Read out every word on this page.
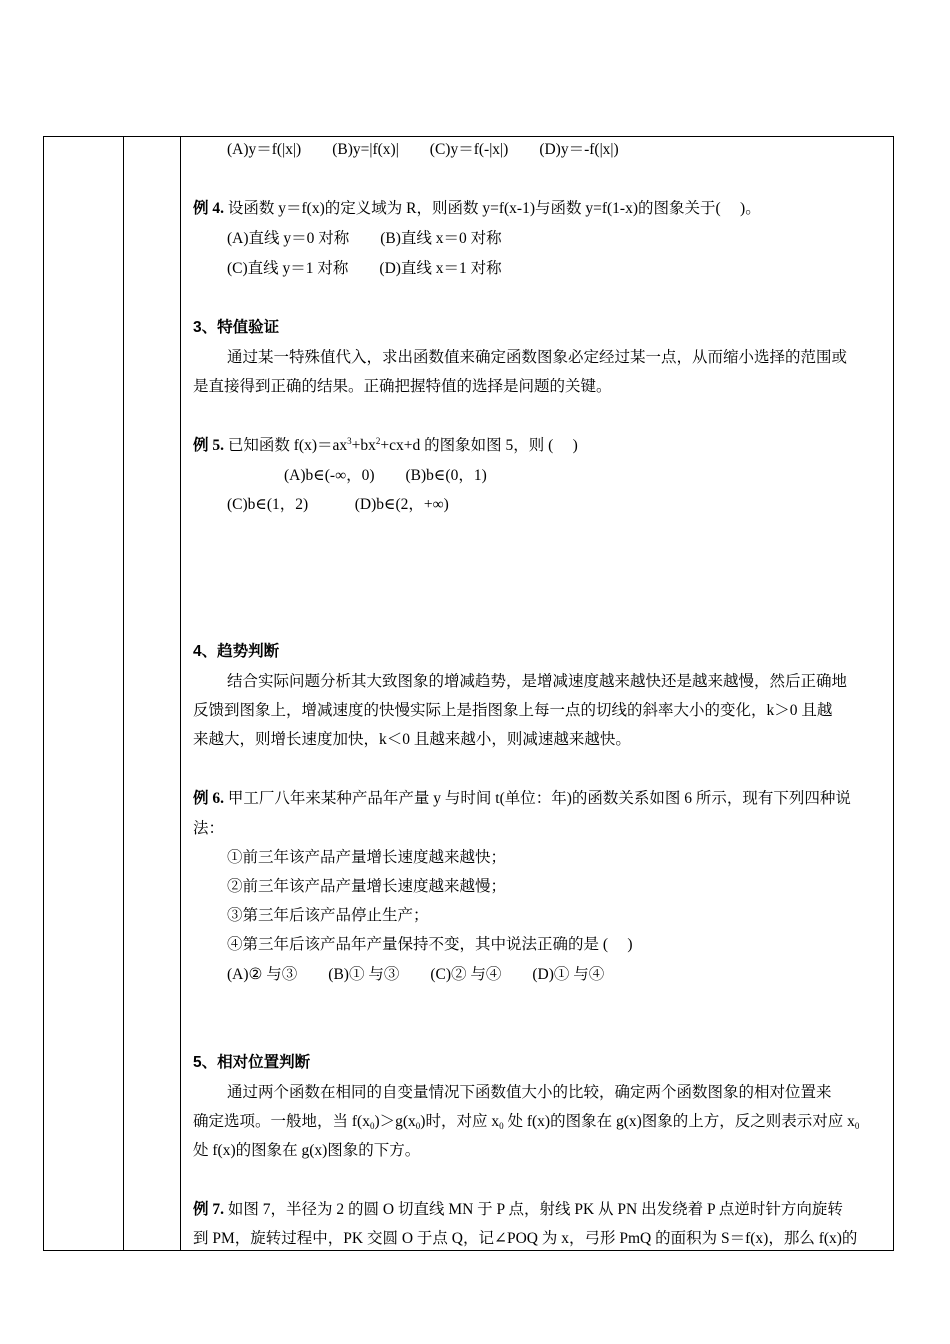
(A)y＝f(|x|)　　(B)y=|f(x)|　　(C)y＝f(-|x|)　　(D)y＝-f(|x|)
例 4. 设函数 y＝f(x)的定义域为 R，则函数 y=f(x-1)与函数 y=f(1-x)的图象关于(　 )。
(A)直线 y＝0 对称　　(B)直线 x＝0 对称
(C)直线 y＝1 对称　　(D)直线 x＝1 对称
3、特值验证
通过某一特殊值代入，求出函数值来确定函数图象必定经过某一点，从而缩小选择的范围或
是直接得到正确的结果。正确把握特值的选择是问题的关键。
例 5. 已知函数 $f(x)=ax^3+bx^2+cx+d$ 的图象如图 5，则 (　 )
(A)b∈(-∞，0)　　(B)b∈(0，1)
(C)b∈(1，2)　　　(D)b∈(2，+∞)
4、趋势判断
结合实际问题分析其大致图象的增减趋势，是增减速度越来越快还是越来越慢，然后正确地
反馈到图象上，增减速度的快慢实际上是指图象上每一点的切线的斜率大小的变化，k＞0 且越
来越大，则增长速度加快，k＜0 且越来越小，则减速越来越快。
例 6. 甲工厂八年来某种产品年产量 y 与时间 t(单位：年)的函数关系如图 6 所示，现有下列四种说
法：
①前三年该产品产量增长速度越来越快；
②前三年该产品产量增长速度越来越慢；
③第三年后该产品停止生产；
④第三年后该产品年产量保持不变，其中说法正确的是 (　 )
(A)② 与③　　(B)① 与③　　(C)② 与④　　(D)① 与④
5、相对位置判断
通过两个函数在相同的自变量情况下函数值大小的比较，确定两个函数图象的相对位置来
确定选项。一般地，当 f(x0)＞g(x0)时，对应 x0 处 f(x)的图象在 g(x)图象的上方，反之则表示对应 x0
处 f(x)的图象在 g(x)图象的下方。
例 7. 如图 7，半径为 2 的圆 O 切直线 MN 于 P 点，射线 PK 从 PN 出发绕着 P 点逆时针方向旋转
到 PM，旋转过程中，PK 交圆 O 于点 Q，记∠POQ 为 x，弓形 PmQ 的面积为 S＝f(x)，那么 f(x)的
